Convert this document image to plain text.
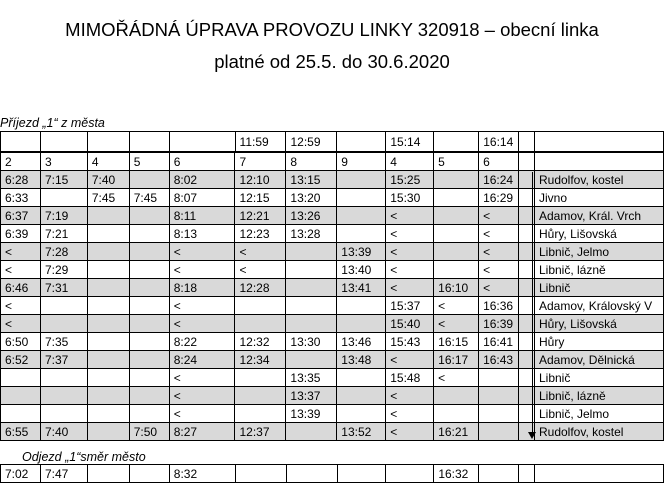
MIMOŘÁDNÁ ÚPRAVA PROVOZU LINKY 320918 – obecní linka
platné od 25.5. do 30.6.2020
Příjezd „1“ z města
					11:59	12:59		15:14		16:14		
2	3	4	5	6	7	8	9	4	5	6		
6:28	7:15	7:40		8:02	12:10	13:15		15:25		16:24		Rudolfov, kostel
6:33		7:45	7:45	8:07	12:15	13:20		15:30		16:29		Jivno
6:37	7:19			8:11	12:21	13:26		<		<		Adamov, Král. Vrch
6:39	7:21			8:13	12:23	13:28		<		<		Hůry, Lišovská
<	7:28			<	<		13:39	<		<		Libnič, Jelmo
<	7:29			<	<		13:40	<		<		Libnič, lázně
6:46	7:31			8:18	12:28		13:41	<	16:10	<		Libnič
<				<				15:37	<	16:36		Adamov, Královský V
<				<				15:40	<	16:39		Hůry, Lišovská
6:50	7:35			8:22	12:32	13:30	13:46	15:43	16:15	16:41		Hůry
6:52	7:37			8:24	12:34		13:48	<	16:17	16:43		Adamov, Dělnická
				<		13:35		15:48	<			Libnič
				<		13:37		<				Libnič, lázně
				<		13:39		<				Libnič, Jelmo
6:55	7:40		7:50	8:27	12:37		13:52	<	16:21			Rudolfov, kostel
Odjezd „1“směr město
7:02	7:47			8:32					16:32			
